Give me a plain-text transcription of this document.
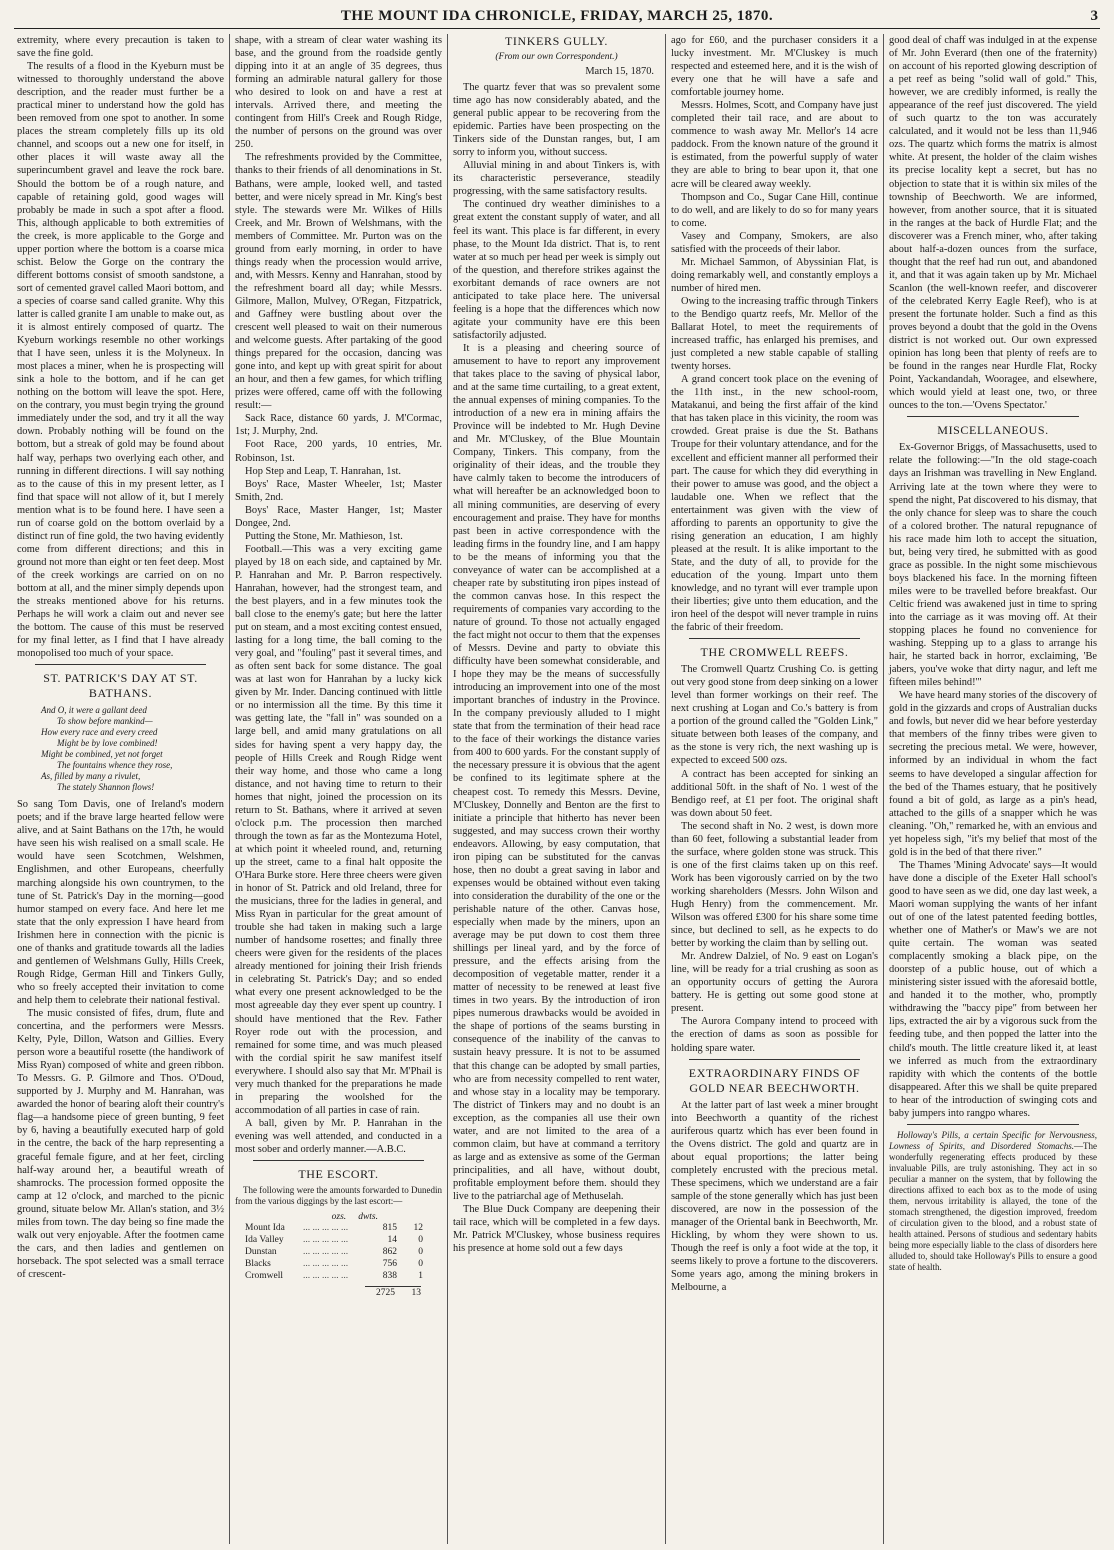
THE MOUNT IDA CHRONICLE, FRIDAY, MARCH 25, 1870.	3

extremity, where every precaution is taken to save the fine gold.

The results of a flood in the Kyeburn must be witnessed to thoroughly understand the above description, and the reader must further be a practical miner to understand how the gold has been removed from one spot to another. In some places the stream completely fills up its old channel, and scoops out a new one for itself, in other places it will waste away all the superincumbent gravel and leave the rock bare. Should the bottom be of a rough nature, and capable of retaining gold, good wages will probably be made in such a spot after a flood. This, although applicable to both extremities of the creek, is more applicable to the Gorge and upper portion where the bottom is a coarse mica schist. Below the Gorge on the contrary the different bottoms consist of smooth sandstone, a sort of cemented gravel called Maori bottom, and a species of coarse sand called granite. Why this latter is called granite I am unable to make out, as it is almost entirely composed of quartz. The Kyeburn workings resemble no other workings that I have seen, unless it is the Molyneux. In most places a miner, when he is prospecting will sink a hole to the bottom, and if he can get nothing on the bottom will leave the spot. Here, on the contrary, you must begin trying the ground immediately under the sod, and try it all the way down. Probably nothing will be found on the bottom, but a streak of gold may be found about half way, perhaps two overlying each other, and running in different directions. I will say nothing as to the cause of this in my present letter, as I find that space will not allow of it, but I merely mention what is to be found here. I have seen a run of coarse gold on the bottom overlaid by a distinct run of fine gold, the two having evidently come from different directions; and this in ground not more than eight or ten feet deep. Most of the creek workings are carried on on no bottom at all, and the miner simply depends upon the streaks mentioned above for his returns. Perhaps he will work a claim out and never see the bottom. The cause of this must be reserved for my final letter, as I find that I have already monopolised too much of your space.

ST. PATRICK'S DAY AT ST. BATHANS.
And O, it were a gallant deed
To show before mankind—
How every race and every creed
Might be by love combined!
Might be combined, yet not forget
The fountains whence they rose,
As, filled by many a rivulet,
The stately Shannon flows!

So sang Tom Davis, one of Ireland's modern poets; and if the brave large hearted fellow were alive, and at Saint Bathans on the 17th, he would have seen his wish realised on a small scale. He would have seen Scotchmen, Welshmen, Englishmen, and other Europeans, cheerfully marching alongside his own countrymen, to the tune of St. Patrick's Day in the morning—good humor stamped on every face. And here let me state that the only expression I have heard from Irishmen here in connection with the picnic is one of thanks and gratitude towards all the ladies and gentlemen of Welshmans Gully, Hills Creek, Rough Ridge, German Hill and Tinkers Gully, who so freely accepted their invitation to come and help them to celebrate their national festival.

The music consisted of fifes, drum, flute and concertina, and the performers were Messrs. Kelty, Pyle, Dillon, Watson and Gillies. Every person wore a beautiful rosette (the handiwork of Miss Ryan) composed of white and green ribbon. To Messrs. G. P. Gilmore and Thos. O'Doud, supported by J. Murphy and M. Hanrahan, was awarded the honor of bearing aloft their country's flag—a handsome piece of green bunting, 9 feet by 6, having a beautifully executed harp of gold in the centre, the back of the harp representing a graceful female figure, and at her feet, circling half-way around her, a beautiful wreath of shamrocks. The procession formed opposite the camp at 12 o'clock, and marched to the picnic ground, situate below Mr. Allan's station, and 3½ miles from town. The day being so fine made the walk out very enjoyable. After the footmen came the cars, and then ladies and gentlemen on horseback. The spot selected was a small terrace of crescent-

shape, with a stream of clear water washing its base, and the ground from the roadside gently dipping into it at an angle of 35 degrees, thus forming an admirable natural gallery for those who desired to look on and have a rest at intervals. Arrived there, and meeting the contingent from Hill's Creek and Rough Ridge, the number of persons on the ground was over 250.

The refreshments provided by the Committee, thanks to their friends of all denominations in St. Bathans, were ample, looked well, and tasted better, and were nicely spread in Mr. King's best style. The stewards were Mr. Wilkes of Hills Creek, and Mr. Brown of Welshmans, with the members of Committee. Mr. Purton was on the ground from early morning, in order to have things ready when the procession would arrive, and, with Messrs. Kenny and Hanrahan, stood by the refreshment board all day; while Messrs. Gilmore, Mallon, Mulvey, O'Regan, Fitzpatrick, and Gaffney were bustling about over the crescent well pleased to wait on their numerous and welcome guests. After partaking of the good things prepared for the occasion, dancing was gone into, and kept up with great spirit for about an hour, and then a few games, for which trifling prizes were offered, came off with the following result:—

Sack Race, distance 60 yards, J. M'Cormac, 1st; J. Murphy, 2nd.

Foot Race, 200 yards, 10 entries, Mr. Robinson, 1st.

Hop Step and Leap, T. Hanrahan, 1st.

Boys' Race, Master Wheeler, 1st; Master Smith, 2nd.

Boys' Race, Master Hanger, 1st; Master Dongee, 2nd.

Putting the Stone, Mr. Mathieson, 1st.

Football.—This was a very exciting game played by 18 on each side, and captained by Mr. P. Hanrahan and Mr. P. Barron respectively. Hanrahan, however, had the strongest team, and the best players, and in a few minutes took the ball close to the enemy's gate; but here the latter put on steam, and a most exciting contest ensued, lasting for a long time, the ball coming to the very goal, and "fouling" past it several times, and as often sent back for some distance. The goal was at last won for Hanrahan by a lucky kick given by Mr. Inder. Dancing continued with little or no intermission all the time. By this time it was getting late, the "fall in" was sounded on a large bell, and amid many gratulations on all sides for having spent a very happy day, the people of Hills Creek and Rough Ridge went their way home, and those who came a long distance, and not having time to return to their homes that night, joined the procession on its return to St. Bathans, where it arrived at seven o'clock p.m. The procession then marched through the town as far as the Montezuma Hotel, at which point it wheeled round, and, returning up the street, came to a final halt opposite the O'Hara Burke store. Here three cheers were given in honor of St. Patrick and old Ireland, three for the musicians, three for the ladies in general, and Miss Ryan in particular for the great amount of trouble she had taken in making such a large number of handsome rosettes; and finally three cheers were given for the residents of the places already mentioned for joining their Irish friends in celebrating St. Patrick's Day; and so ended what every one present acknowledged to be the most agreeable day they ever spent up country. I should have mentioned that the Rev. Father Royer rode out with the procession, and remained for some time, and was much pleased with the cordial spirit he saw manifest itself everywhere. I should also say that Mr. M'Phail is very much thanked for the preparations he made in preparing the woolshed for the accommodation of all parties in case of rain.

A ball, given by Mr. P. Hanrahan in the evening was well attended, and conducted in a most sober and orderly manner.—A.B.C.

THE ESCORT.
The following were the amounts forwarded to Dunedin from the various diggings by the last escort:—
ozs. dwts.
Mount Ida	... ... ... ... ...	815	12
Ida Valley	... ... ... ... ...	14	0
Dunstan	... ... ... ... ...	862	0
Blacks	... ... ... ... ...	756	0
Cromwell	... ... ... ... ...	838	1
2725	13
TINKERS GULLY.
(From our own Correspondent.)
March 15, 1870.

The quartz fever that was so prevalent some time ago has now considerably abated, and the general public appear to be recovering from the epidemic. Parties have been prospecting on the Tinkers side of the Dunstan ranges, but, I am sorry to inform you, without success.

Alluvial mining in and about Tinkers is, with its characteristic perseverance, steadily progressing, with the same satisfactory results.

The continued dry weather diminishes to a great extent the constant supply of water, and all feel its want. This place is far different, in every phase, to the Mount Ida district. That is, to rent water at so much per head per week is simply out of the question, and therefore strikes against the exorbitant demands of race owners are not anticipated to take place here. The universal feeling is a hope that the differences which now agitate your community have ere this been satisfactorily adjusted.

It is a pleasing and cheering source of amusement to have to report any improvement that takes place to the saving of physical labor, and at the same time curtailing, to a great extent, the annual expenses of mining companies. To the introduction of a new era in mining affairs the Province will be indebted to Mr. Hugh Devine and Mr. M'Cluskey, of the Blue Mountain Company, Tinkers. This company, from the originality of their ideas, and the trouble they have calmly taken to become the introducers of what will hereafter be an acknowledged boon to all mining communities, are deserving of every encouragement and praise. They have for months past been in active correspondence with the leading firms in the foundry line, and I am happy to be the means of informing you that the conveyance of water can be accomplished at a cheaper rate by substituting iron pipes instead of the common canvas hose. In this respect the requirements of companies vary according to the nature of ground. To those not actually engaged the fact might not occur to them that the expenses of Messrs. Devine and party to obviate this difficulty have been somewhat considerable, and I hope they may be the means of successfully introducing an improvement into one of the most important branches of industry in the Province. In the company previously alluded to I might state that from the termination of their head race to the face of their workings the distance varies from 400 to 600 yards. For the constant supply of the necessary pressure it is obvious that the agent be confined to its legitimate sphere at the cheapest cost. To remedy this Messrs. Devine, M'Cluskey, Donnelly and Benton are the first to initiate a principle that hitherto has never been suggested, and may success crown their worthy endeavors. Allowing, by easy computation, that iron piping can be substituted for the canvas hose, then no doubt a great saving in labor and expenses would be obtained without even taking into consideration the durability of the one or the perishable nature of the other. Canvas hose, especially when made by the miners, upon an average may be put down to cost them three shillings per lineal yard, and by the force of pressure, and the effects arising from the decomposition of vegetable matter, render it a matter of necessity to be renewed at least five times in two years. By the introduction of iron pipes numerous drawbacks would be avoided in the shape of portions of the seams bursting in consequence of the inability of the canvas to sustain heavy pressure. It is not to be assumed that this change can be adopted by small parties, who are from necessity compelled to rent water, and whose stay in a locality may be temporary. The district of Tinkers may and no doubt is an exception, as the companies all use their own water, and are not limited to the area of a common claim, but have at command a territory as large and as extensive as some of the German principalities, and all have, without doubt, profitable employment before them. should they live to the patriarchal age of Methuselah.

The Blue Duck Company are deepening their tail race, which will be completed in a few days. Mr. Patrick M'Cluskey, whose business requires his presence at home sold out a few days

ago for £60, and the purchaser considers it a lucky investment. Mr. M'Cluskey is much respected and esteemed here, and it is the wish of every one that he will have a safe and comfortable journey home.

Messrs. Holmes, Scott, and Company have just completed their tail race, and are about to commence to wash away Mr. Mellor's 14 acre paddock. From the known nature of the ground it is estimated, from the powerful supply of water they are able to bring to bear upon it, that one acre will be cleared away weekly.

Thompson and Co., Sugar Cane Hill, continue to do well, and are likely to do so for many years to come.

Vasey and Company, Smokers, are also satisfied with the proceeds of their labor.

Mr. Michael Sammon, of Abyssinian Flat, is doing remarkably well, and constantly employs a number of hired men.

Owing to the increasing traffic through Tinkers to the Bendigo quartz reefs, Mr. Mellor of the Ballarat Hotel, to meet the requirements of increased traffic, has enlarged his premises, and just completed a new stable capable of stalling twenty horses.

A grand concert took place on the evening of the 11th inst., in the new school-room, Matakanui, and being the first affair of the kind that has taken place in this vicinity, the room was crowded. Great praise is due the St. Bathans Troupe for their voluntary attendance, and for the excellent and efficient manner all performed their part. The cause for which they did everything in their power to amuse was good, and the object a laudable one. When we reflect that the entertainment was given with the view of affording to parents an opportunity to give the rising generation an education, I am highly pleased at the result. It is alike important to the State, and the duty of all, to provide for the education of the young. Impart unto them knowledge, and no tyrant will ever trample upon their liberties; give unto them education, and the iron heel of the despot will never trample in ruins the fabric of their freedom.

THE CROMWELL REEFS.

The Cromwell Quartz Crushing Co. is getting out very good stone from deep sinking on a lower level than former workings on their reef. The next crushing at Logan and Co.'s battery is from a portion of the ground called the "Golden Link," situate between both leases of the company, and as the stone is very rich, the next washing up is expected to exceed 500 ozs.

A contract has been accepted for sinking an additional 50ft. in the shaft of No. 1 west of the Bendigo reef, at £1 per foot. The original shaft was down about 50 feet.

The second shaft in No. 2 west, is down more than 60 feet, following a substantial leader from the surface, where golden stone was struck. This is one of the first claims taken up on this reef. Work has been vigorously carried on by the two working shareholders (Messrs. John Wilson and Hugh Henry) from the commencement. Mr. Wilson was offered £300 for his share some time since, but declined to sell, as he expects to do better by working the claim than by selling out.

Mr. Andrew Dalziel, of No. 9 east on Logan's line, will be ready for a trial crushing as soon as an opportunity occurs of getting the Aurora battery. He is getting out some good stone at present.

The Aurora Company intend to proceed with the erection of dams as soon as possible for holding spare water.

EXTRAORDINARY FINDS OF GOLD NEAR BEECHWORTH.

At the latter part of last week a miner brought into Beechworth a quantity of the richest auriferous quartz which has ever been found in the Ovens district. The gold and quartz are in about equal proportions; the latter being completely encrusted with the precious metal. These specimens, which we understand are a fair sample of the stone generally which has just been discovered, are now in the possession of the manager of the Oriental bank in Beechworth, Mr. Hickling, by whom they were shown to us. Though the reef is only a foot wide at the top, it seems likely to prove a fortune to the discoverers. Some years ago, among the mining brokers in Melbourne, a

good deal of chaff was indulged in at the expense of Mr. John Everard (then one of the fraternity) on account of his reported glowing description of a pet reef as being "solid wall of gold." This, however, we are credibly informed, is really the appearance of the reef just discovered. The yield of such quartz to the ton was accurately calculated, and it would not be less than 11,946 ozs. The quartz which forms the matrix is almost white. At present, the holder of the claim wishes its precise locality kept a secret, but has no objection to state that it is within six miles of the township of Beechworth. We are informed, however, from another source, that it is situated in the ranges at the back of Hurdle Flat; and the discoverer was a French miner, who, after taking about half-a-dozen ounces from the surface, thought that the reef had run out, and abandoned it, and that it was again taken up by Mr. Michael Scanlon (the well-known reefer, and discoverer of the celebrated Kerry Eagle Reef), who is at present the fortunate holder. Such a find as this proves beyond a doubt that the gold in the Ovens district is not worked out. Our own expressed opinion has long been that plenty of reefs are to be found in the ranges near Hurdle Flat, Rocky Point, Yackandandah, Wooragee, and elsewhere, which would yield at least one, two, or three ounces to the ton.—'Ovens Spectator.'

MISCELLANEOUS.

Ex-Governor Briggs, of Massachusetts, used to relate the following:—"In the old stage-coach days an Irishman was travelling in New England. Arriving late at the town where they were to spend the night, Pat discovered to his dismay, that the only chance for sleep was to share the couch of a colored brother. The natural repugnance of his race made him loth to accept the situation, but, being very tired, he submitted with as good grace as possible. In the night some mischievous boys blackened his face. In the morning fifteen miles were to be travelled before breakfast. Our Celtic friend was awakened just in time to spring into the carriage as it was moving off. At their stopping places he found no convenience for washing. Stepping up to a glass to arrange his hair, he started back in horror, exclaiming, 'Be jabers, you've woke that dirty nagur, and left me fifteen miles behind!'"

We have heard many stories of the discovery of gold in the gizzards and crops of Australian ducks and fowls, but never did we hear before yesterday that members of the finny tribes were given to secreting the precious metal. We were, however, informed by an individual in whom the fact seems to have developed a singular affection for the bed of the Thames estuary, that he positively found a bit of gold, as large as a pin's head, attached to the gills of a snapper which he was cleaning. "Oh," remarked he, with an envious and yet hopeless sigh, "it's my belief that most of the gold is in the bed of that there river."

The Thames 'Mining Advocate' says—It would have done a disciple of the Exeter Hall school's good to have seen as we did, one day last week, a Maori woman supplying the wants of her infant out of one of the latest patented feeding bottles, whether one of Mather's or Maw's we are not quite certain. The woman was seated complacently smoking a black pipe, on the doorstep of a public house, out of which a ministering sister issued with the aforesaid bottle, and handed it to the mother, who, promptly withdrawing the "baccy pipe" from between her lips, extracted the air by a vigorous suck from the feeding tube, and then popped the latter into the child's mouth. The little creature liked it, at least we inferred as much from the extraordinary rapidity with which the contents of the bottle disappeared. After this we shall be quite prepared to hear of the introduction of swinging cots and baby jumpers into rangpo whares.

Holloway's Pills, a certain Specific for Nervousness, Lowness of Spirits, and Disordered Stomachs.—The wonderfully regenerating effects produced by these invaluable Pills, are truly astonishing. They act in so peculiar a manner on the system, that by following the directions affixed to each box as to the mode of using them, nervous irritability is allayed, the tone of the stomach strengthened, the digestion improved, freedom of circulation given to the blood, and a robust state of health attained. Persons of studious and sedentary habits being more especially liable to the class of disorders here alluded to, should take Holloway's Pills to ensure a good state of health.
